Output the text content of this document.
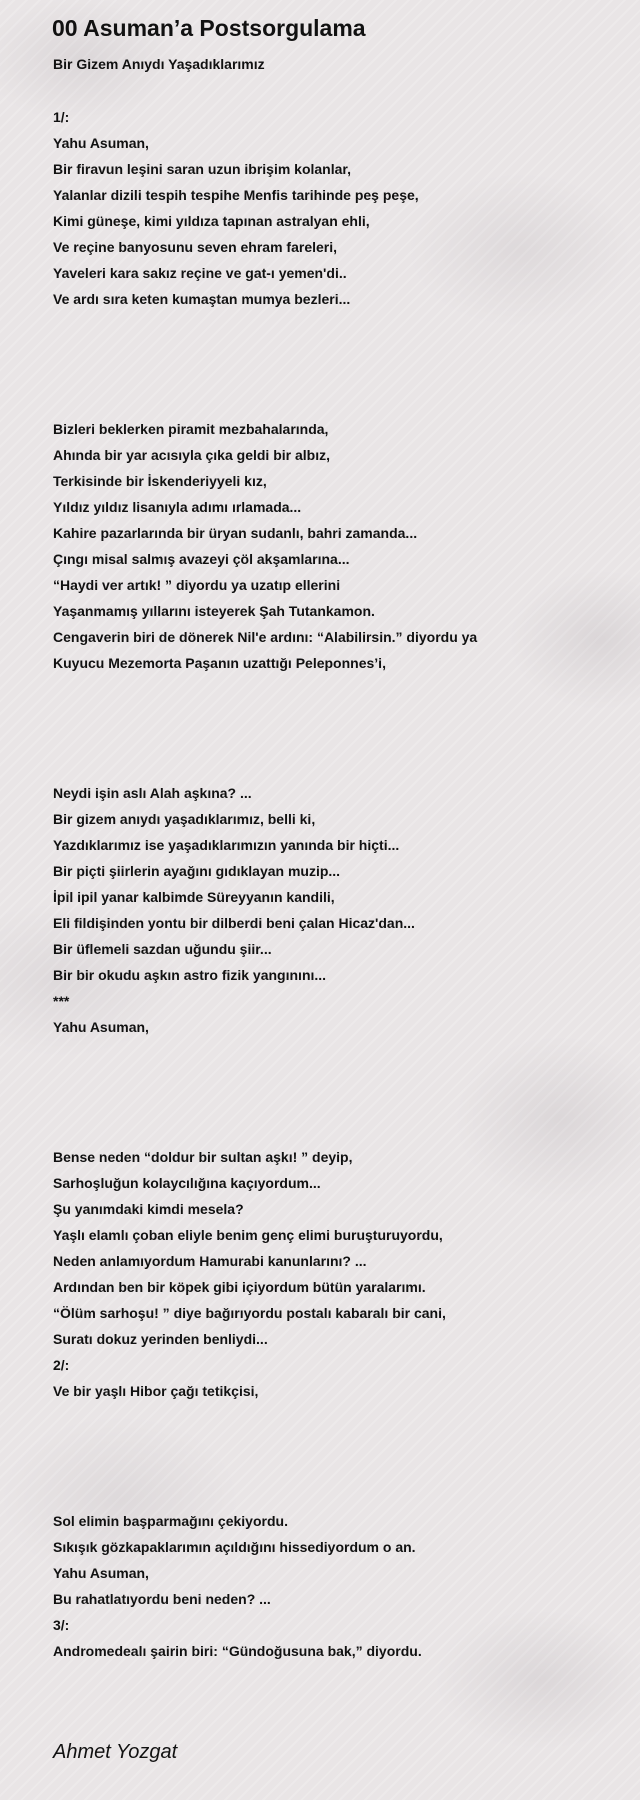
00 Asuman’a Postsorgulama
Bir Gizem Anıydı Yaşadıklarımız
1/:
Yahu Asuman,
Bir firavun leşini saran uzun ibrişim kolanlar,
Yalanlar dizili tespih tespihe Menfis tarihinde peş peşe,
Kimi güneşe, kimi yıldıza tapınan astralyan ehli,
Ve reçine banyosunu seven ehram fareleri,
Yaveleri kara sakız reçine ve gat-ı yemen'di..
Ve ardı sıra keten kumaştan mumya bezleri...
Bizleri beklerken piramit mezbahalarında,
Ahında bir yar acısıyla çıka geldi bir albız,
Terkisinde bir İskenderiyyeli kız,
Yıldız yıldız lisanıyla adımı ırlamada...
Kahire pazarlarında bir üryan sudanlı, bahri zamanda...
Çıngı misal salmış avazeyi çöl akşamlarına...
“Haydi ver artık! ” diyordu ya uzatıp ellerini
Yaşanmamış yıllarını isteyerek Şah Tutankamon.
Cengaverin biri de dönerek Nil'e ardını: “Alabilirsin.” diyordu ya
Kuyucu Mezemorta Paşanın uzattığı Peleponnes’i,
Neydi işin aslı Alah aşkına? ...
Bir gizem anıydı yaşadıklarımız, belli ki,
Yazdıklarımız ise yaşadıklarımızın yanında bir hiçti...
Bir piçti şiirlerin ayağını gıdıklayan muzip...
İpil ipil yanar kalbimde Süreyyanın kandili,
Eli fildişinden yontu bir dilberdi beni çalan Hicaz'dan...
Bir üflemeli sazdan uğundu şiir...
Bir bir okudu aşkın astro fizik yangınını...
***
Yahu Asuman,
Bense neden “doldur bir sultan aşkı! ” deyip,
Sarhoşluğun kolaycılığına kaçıyordum...
Şu yanımdaki kimdi mesela?
Yaşlı elamlı çoban eliyle benim genç elimi buruşturuyordu,
Neden anlamıyordum Hamurabi kanunlarını? ...
Ardından ben bir köpek gibi içiyordum bütün yaralarımı.
“Ölüm sarhoşu! ” diye bağırıyordu postalı kabaralı bir cani,
Suratı dokuz yerinden benliydi...
2/:
Ve bir yaşlı Hibor çağı tetikçisi,
Sol elimin başparmağını çekiyordu.
Sıkışık gözkapaklarımın açıldığını hissediyordum o an.
Yahu Asuman,
Bu rahatlatıyordu beni neden? ...
3/:
Andromedealı şairin biri: “Gündoğusuna bak,” diyordu.
Ahmet Yozgat
